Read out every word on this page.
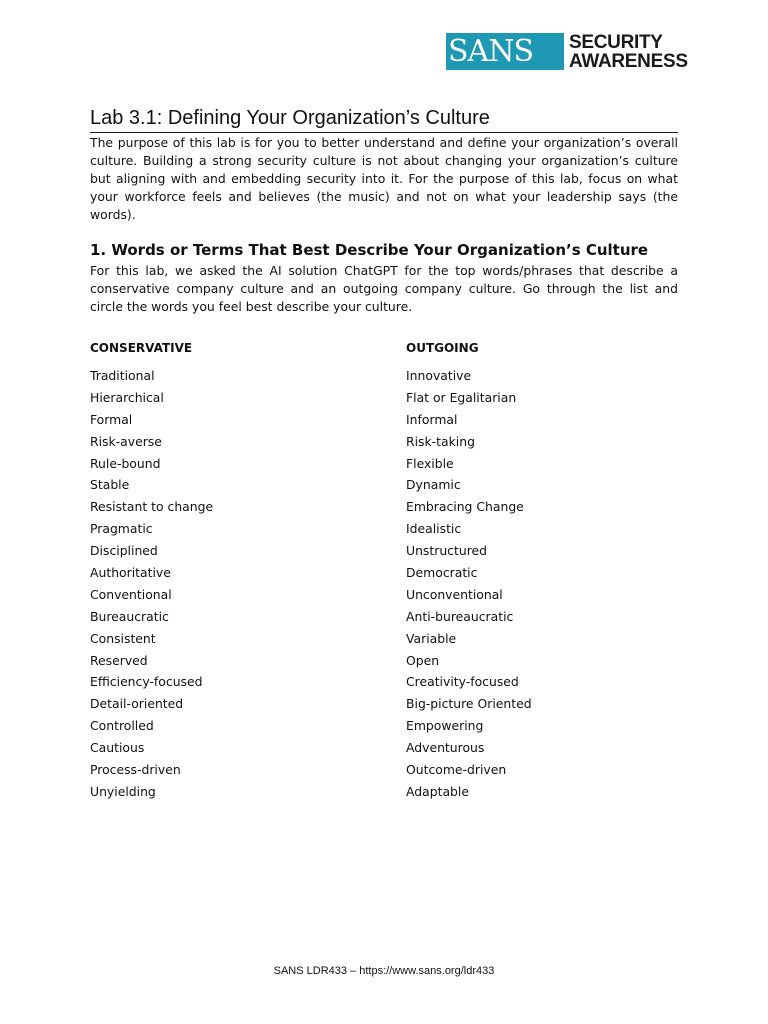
SANS	SECURITY
AWARENESS
Lab 3.1: Defining Your Organization’s Culture

The purpose of this lab is for you to better understand and define your organization’s overall culture. Building a strong security culture is not about changing your organization’s culture but aligning with and embedding security into it. For the purpose of this lab, focus on what your workforce feels and believes (the music) and not on what your leadership says (the words).

1. Words or Terms That Best Describe Your Organization’s Culture

For this lab, we asked the AI solution ChatGPT for the top words/phrases that describe a conservative company culture and an outgoing company culture. Go through the list and circle the words you feel best describe your culture.

CONSERVATIVE
Traditional
Hierarchical
Formal
Risk-averse
Rule-bound
Stable
Resistant to change
Pragmatic
Disciplined
Authoritative
Conventional
Bureaucratic
Consistent
Reserved
Efficiency-focused
Detail-oriented
Controlled
Cautious
Process-driven
Unyielding
OUTGOING
Innovative
Flat or Egalitarian
Informal
Risk-taking
Flexible
Dynamic
Embracing Change
Idealistic
Unstructured
Democratic
Unconventional
Anti-bureaucratic
Variable
Open
Creativity-focused
Big-picture Oriented
Empowering
Adventurous
Outcome-driven
Adaptable

SANS LDR433 – https://www.sans.org/ldr433
